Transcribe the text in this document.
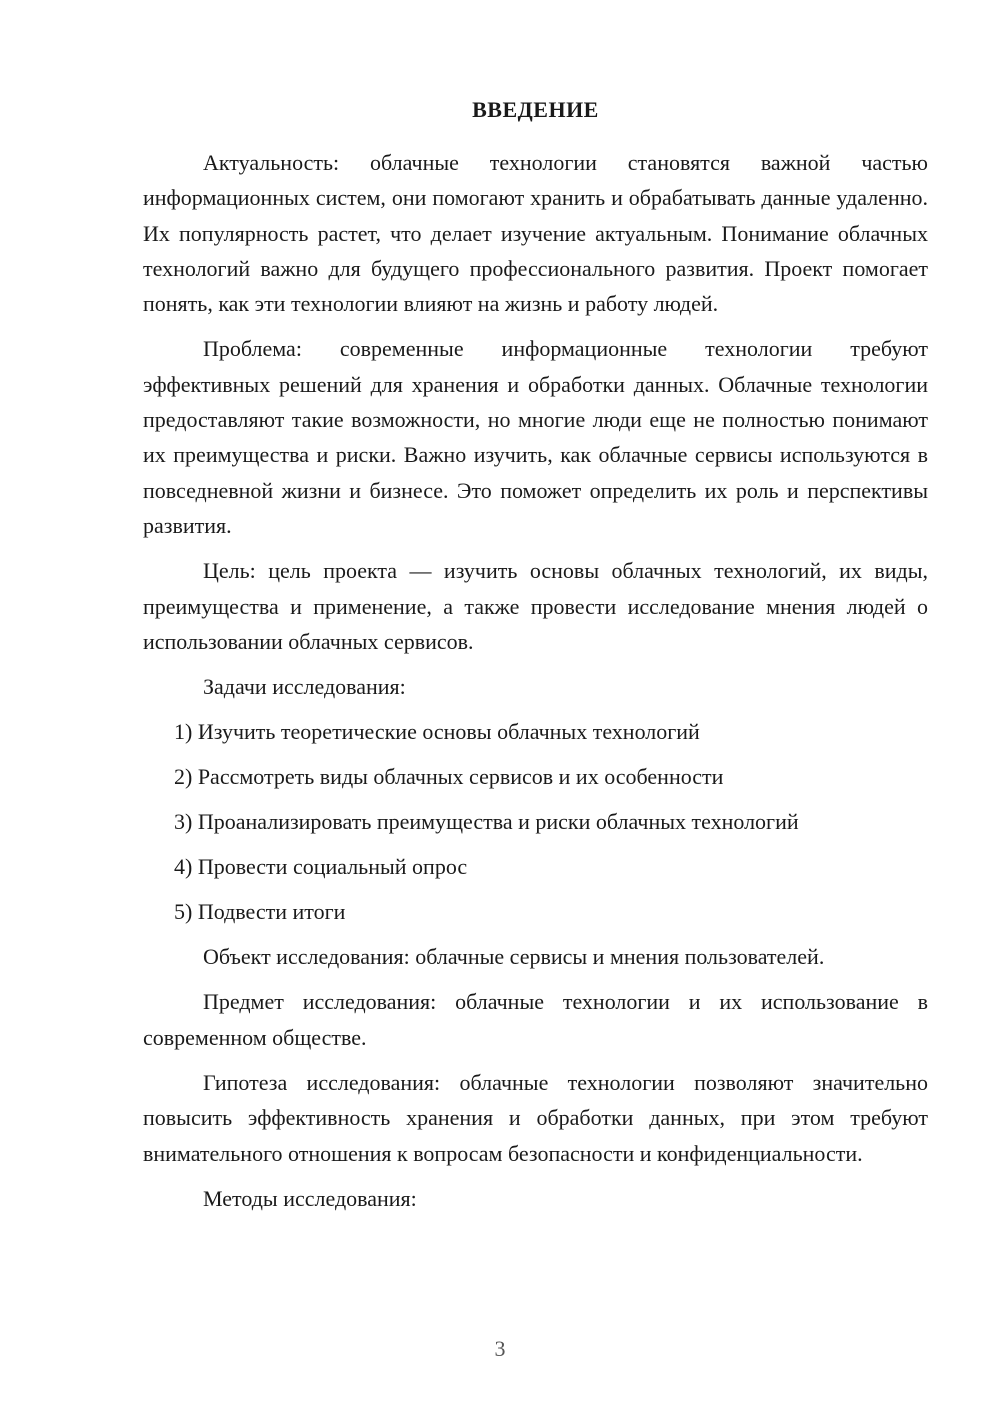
ВВЕДЕНИЕ

Актуальность: облачные технологии становятся важной частью информационных систем, они помогают хранить и обрабатывать данные удаленно. Их популярность растет, что делает изучение актуальным. Понимание облачных технологий важно для будущего профессионального развития. Проект помогает понять, как эти технологии влияют на жизнь и работу людей.

Проблема: современные информационные технологии требуют эффективных решений для хранения и обработки данных. Облачные технологии предоставляют такие возможности, но многие люди еще не полностью понимают их преимущества и риски. Важно изучить, как облачные сервисы используются в повседневной жизни и бизнесе. Это поможет определить их роль и перспективы развития.

Цель: цель проекта — изучить основы облачных технологий, их виды, преимущества и применение, а также провести исследование мнения людей о использовании облачных сервисов.

Задачи исследования:

1) Изучить теоретические основы облачных технологий
2) Рассмотреть виды облачных сервисов и их особенности
3) Проанализировать преимущества и риски облачных технологий
4) Провести социальный опрос
5) Подвести итоги

Объект исследования: облачные сервисы и мнения пользователей.

Предмет исследования: облачные технологии и их использование в современном обществе.

Гипотеза исследования: облачные технологии позволяют значительно повысить эффективность хранения и обработки данных, при этом требуют внимательного отношения к вопросам безопасности и конфиденциальности.

Методы исследования:

3
